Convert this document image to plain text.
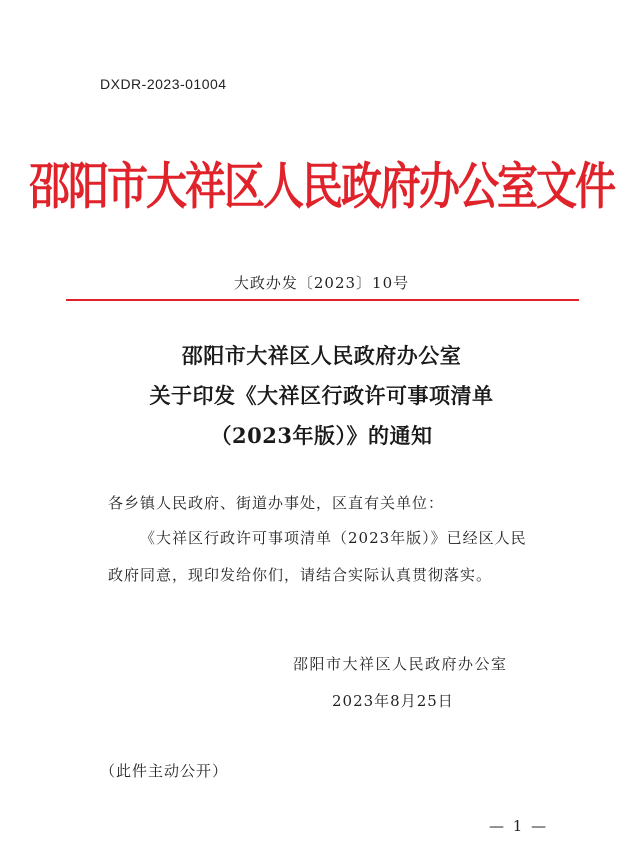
DXDR-2023-01004
邵阳市大祥区人民政府办公室文件
大政办发〔2023〕10号
邵阳市大祥区人民政府办公室
关于印发《大祥区行政许可事项清单
（2023年版）》的通知
各乡镇人民政府、街道办事处，区直有关单位：
《大祥区行政许可事项清单（2023年版）》已经区人民
政府同意，现印发给你们，请结合实际认真贯彻落实。
邵阳市大祥区人民政府办公室
2023年8月25日
（此件主动公开）
— 1 —
